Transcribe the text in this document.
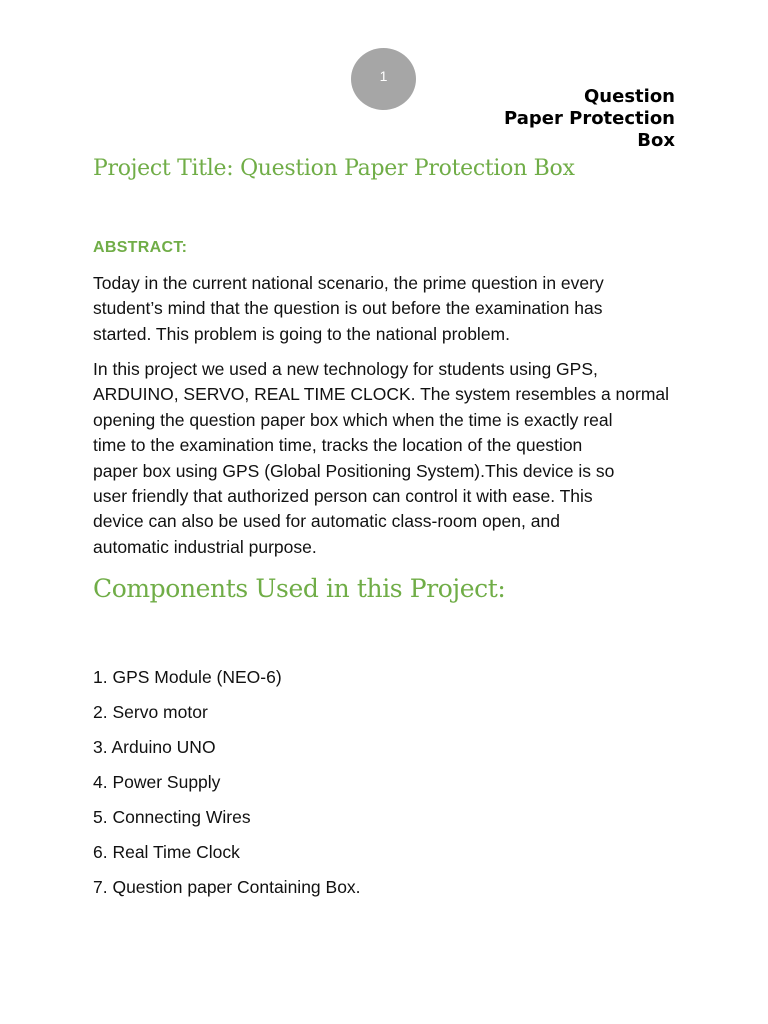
1
Question
Paper Protection
Box
Project Title: Question Paper Protection Box
ABSTRACT:

Today in the current national scenario, the prime question in every
student’s mind that the question is out before the examination has
started. This problem is going to the national problem.

In this project we used a new technology for students using GPS,
ARDUINO, SERVO, REAL TIME CLOCK. The system resembles a normal
opening the question paper box which when the time is exactly real
time to the examination time, tracks the location of the question
paper box using GPS (Global Positioning System).This device is so
user friendly that authorized person can control it with ease. This
device can also be used for automatic class-room open, and
automatic industrial purpose.

Components Used in this Project:
1. GPS Module (NEO-6)
2. Servo motor
3. Arduino UNO
4. Power Supply
5. Connecting Wires
6. Real Time Clock
7. Question paper Containing Box.
